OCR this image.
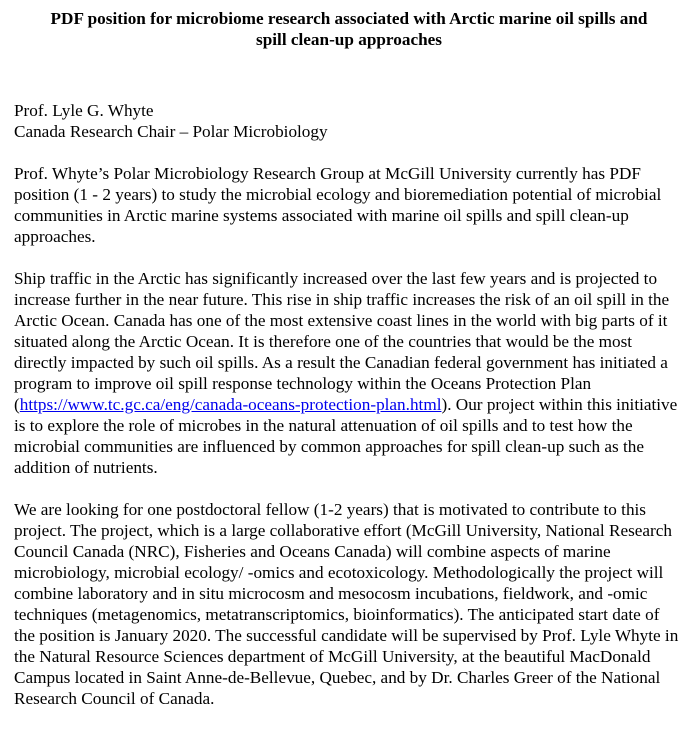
PDF position for microbiome research associated with Arctic marine oil spills and spill clean-up approaches
Prof. Lyle G. Whyte
Canada Research Chair – Polar Microbiology

Prof. Whyte’s Polar Microbiology Research Group at McGill University currently has PDF position (1 - 2 years) to study the microbial ecology and bioremediation potential of microbial communities in Arctic marine systems associated with marine oil spills and spill clean-up approaches.

Ship traffic in the Arctic has significantly increased over the last few years and is projected to increase further in the near future. This rise in ship traffic increases the risk of an oil spill in the Arctic Ocean. Canada has one of the most extensive coast lines in the world with big parts of it situated along the Arctic Ocean. It is therefore one of the countries that would be the most directly impacted by such oil spills. As a result the Canadian federal government has initiated a program to improve oil spill response technology within the Oceans Protection Plan (https://www.tc.gc.ca/eng/canada-oceans-protection-plan.html). Our project within this initiative is to explore the role of microbes in the natural attenuation of oil spills and to test how the microbial communities are influenced by common approaches for spill clean-up such as the addition of nutrients.

We are looking for one postdoctoral fellow (1-2 years) that is motivated to contribute to this project. The project, which is a large collaborative effort (McGill University, National Research Council Canada (NRC), Fisheries and Oceans Canada) will combine aspects of marine microbiology, microbial ecology/ -omics and ecotoxicology. Methodologically the project will combine laboratory and in situ microcosm and mesocosm incubations, fieldwork, and -omic techniques (metagenomics, metatranscriptomics, bioinformatics). The anticipated start date of the position is January 2020. The successful candidate will be supervised by Prof. Lyle Whyte in the Natural Resource Sciences department of McGill University, at the beautiful MacDonald Campus located in Saint Anne-de-Bellevue, Quebec, and by Dr. Charles Greer of the National Research Council of Canada.
